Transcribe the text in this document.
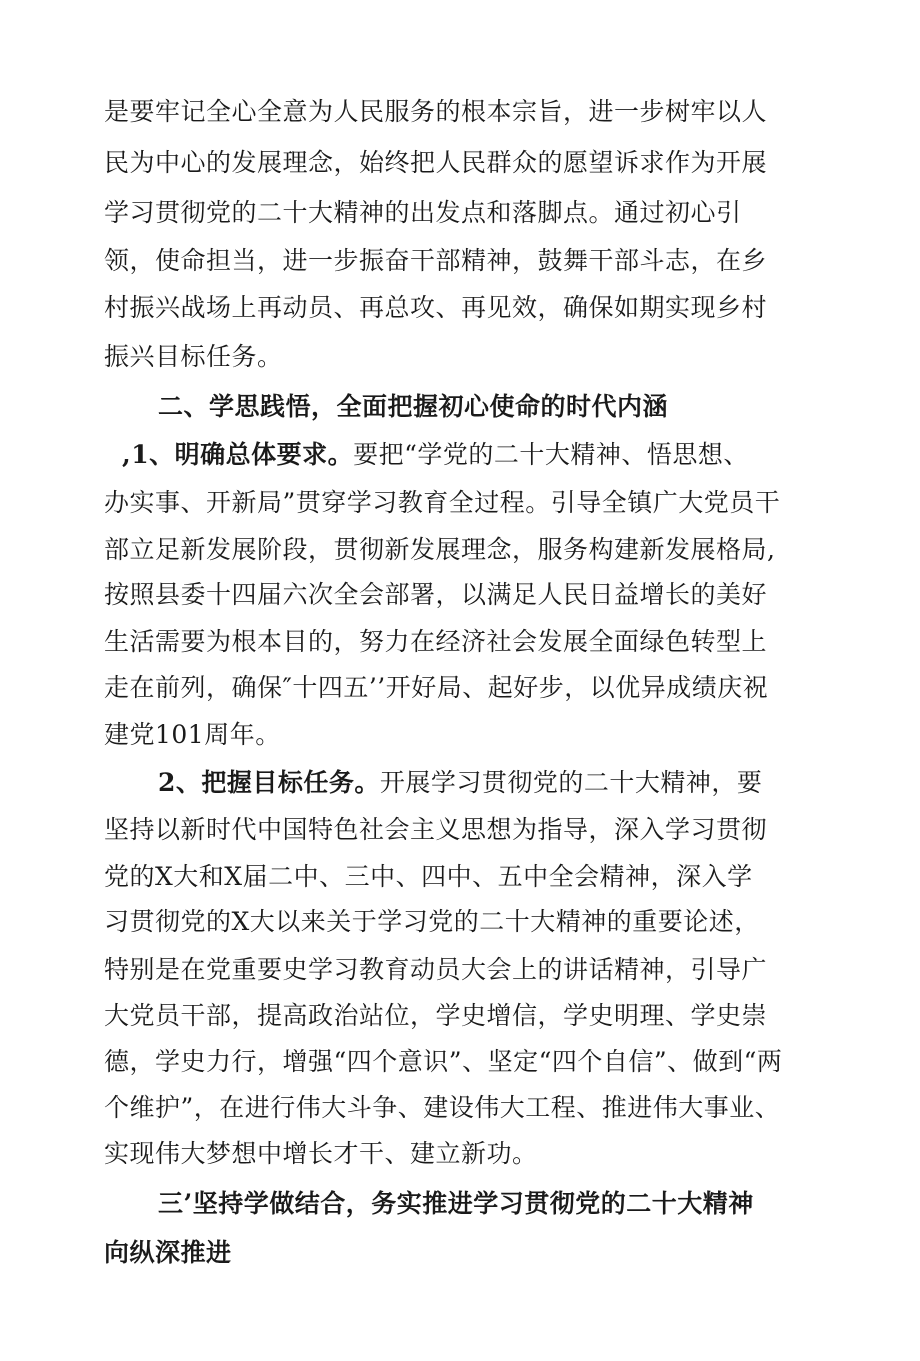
是要牢记全心全意为人民服务的根本宗旨，进一步树牢以人
民为中心的发展理念，始终把人民群众的愿望诉求作为开展
学习贯彻党的二十大精神的出发点和落脚点。通过初心引
领，使命担当，进一步振奋干部精神，鼓舞干部斗志，在乡
村振兴战场上再动员、再总攻、再见效，确保如期实现乡村
振兴目标任务。
二、学思践悟，全面把握初心使命的时代内涵
,1、明确总体要求。要把“学党的二十大精神、悟思想、
办实事、开新局”贯穿学习教育全过程。引导全镇广大党员干
部立足新发展阶段，贯彻新发展理念，服务构建新发展格局,
按照县委十四届六次全会部署，以满足人民日益增长的美好
生活需要为根本目的，努力在经济社会发展全面绿色转型上
走在前列，确保″十四五’’开好局、起好步，以优异成绩庆祝
建党101周年。
2、把握目标任务。开展学习贯彻党的二十大精神，要
坚持以新时代中国特色社会主义思想为指导，深入学习贯彻
党的X大和X届二中、三中、四中、五中全会精神，深入学
习贯彻党的X大以来关于学习党的二十大精神的重要论述，
特别是在党重要史学习教育动员大会上的讲话精神，引导广
大党员干部，提高政治站位，学史增信，学史明理、学史崇
德，学史力行，增强“四个意识”、坚定“四个自信”、做到“两
个维护”，在进行伟大斗争、建设伟大工程、推进伟大事业、
实现伟大梦想中增长才干、建立新功。
三’坚持学做结合，务实推进学习贯彻党的二十大精神
向纵深推进
